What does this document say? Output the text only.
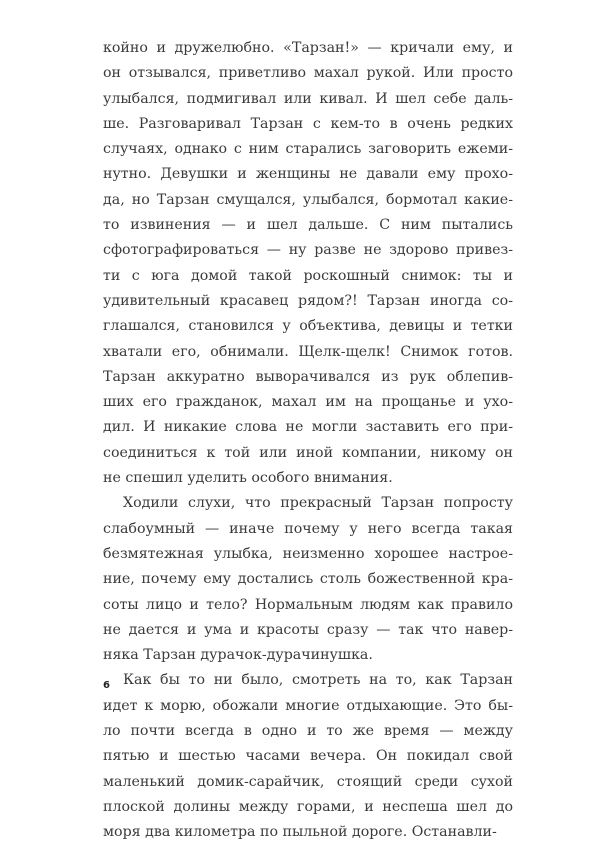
койно и дружелюбно. «Тарзан!» — кричали ему, и
он отзывался, приветливо махал рукой. Или просто
улыбался, подмигивал или кивал. И шел себе даль-
ше. Разговаривал Тарзан с кем-то в очень редких
случаях, однако с ним старались заговорить ежеми-
нутно. Девушки и женщины не давали ему прохо-
да, но Тарзан смущался, улыбался, бормотал какие-
то извинения — и шел дальше. С ним пытались
сфотографироваться — ну разве не здорово привез-
ти с юга домой такой роскошный снимок: ты и
удивительный красавец рядом?! Тарзан иногда со-
глашался, становился у объектива, девицы и тетки
хватали его, обнимали. Щелк-щелк! Снимок готов.
Тарзан аккуратно выворачивался из рук облепив-
ших его гражданок, махал им на прощанье и ухо-
дил. И никакие слова не могли заставить его при-
соединиться к той или иной компании, никому он
не спешил уделить особого внимания.
Ходили слухи, что прекрасный Тарзан попросту
слабоумный — иначе почему у него всегда такая
безмятежная улыбка, неизменно хорошее настрое-
ние, почему ему достались столь божественной кра-
соты лицо и тело? Нормальным людям как правило
не дается и ума и красоты сразу — так что навер-
няка Тарзан дурачок-дурачинушка.
Как бы то ни было, смотреть на то, как Тарзан
идет к морю, обожали многие отдыхающие. Это бы-
ло почти всегда в одно и то же время — между
пятью и шестью часами вечера. Он покидал свой
маленький домик-сарайчик, стоящий среди сухой
плоской долины между горами, и неспеша шел до
моря два километра по пыльной дороге. Останавли-
6
